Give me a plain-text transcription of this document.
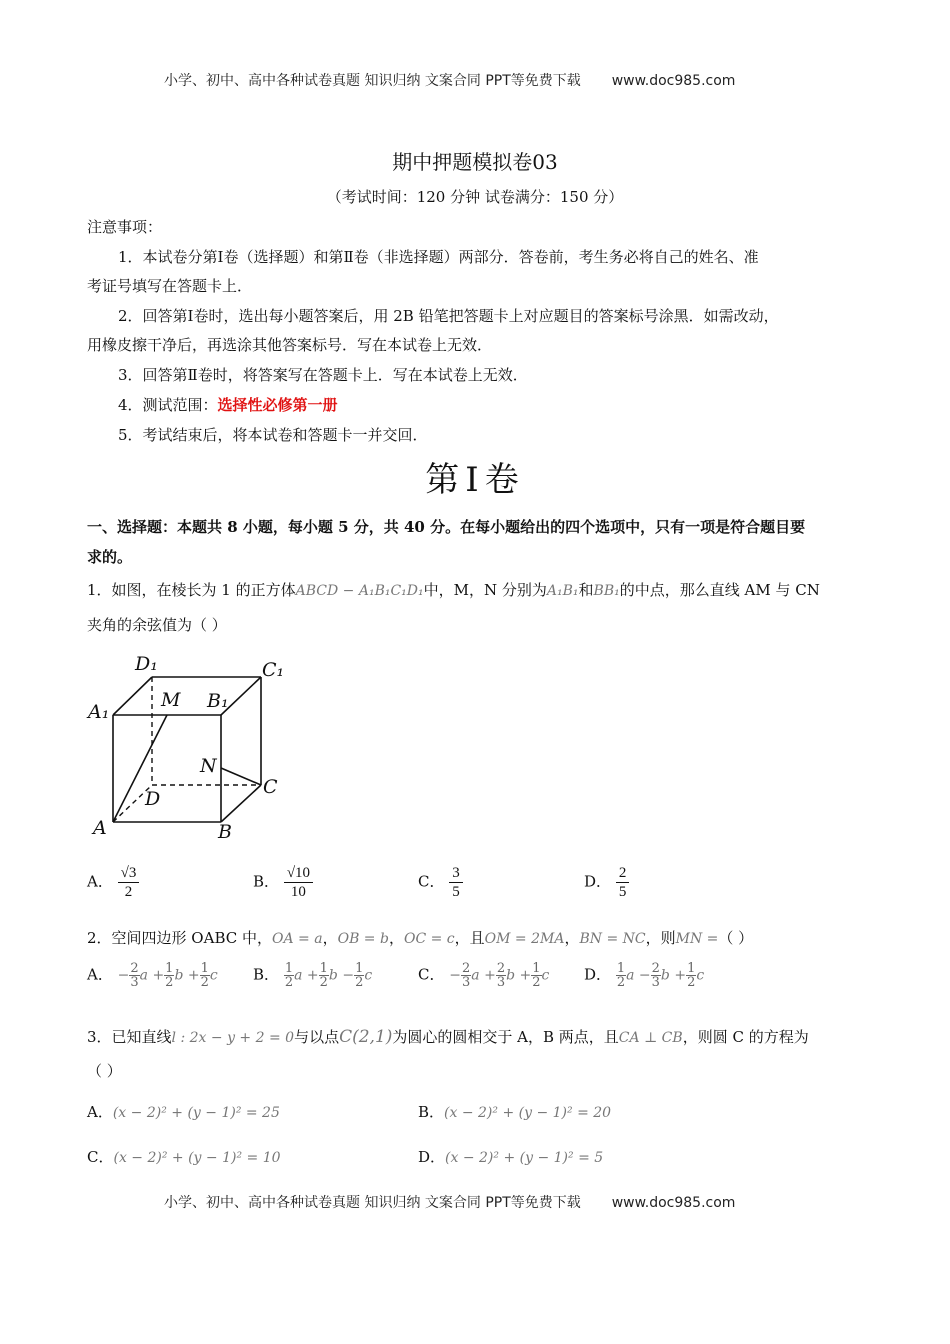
小学、初中、高中各种试卷真题 知识归纳 文案合同 PPT等免费下载 www.doc985.com
期中押题模拟卷03
（考试时间：120 分钟 试卷满分：150 分）
注意事项：
1．本试卷分第Ⅰ卷（选择题）和第Ⅱ卷（非选择题）两部分．答卷前，考生务必将自己的姓名、准
考证号填写在答题卡上．
2．回答第Ⅰ卷时，选出每小题答案后，用 2B 铅笔把答题卡上对应题目的答案标号涂黑．如需改动，
用橡皮擦干净后，再选涂其他答案标号．写在本试卷上无效．
3．回答第Ⅱ卷时，将答案写在答题卡上．写在本试卷上无效．
4．测试范围：选择性必修第一册
5．考试结束后，将本试卷和答题卡一并交回．
第Ⅰ卷
一、选择题：本题共 8 小题，每小题 5 分，共 40 分。在每小题给出的四个选项中，只有一项是符合题目要
求的。
1．如图，在棱长为 1 的正方体ABCD − A₁B₁C₁D₁中，M，N 分别为A₁B₁和BB₁的中点，那么直线 AM 与 CN
夹角的余弦值为（ ）
D₁	C₁
A₁	B₁
M
N
D
C
A	B
A． $\frac{√3}{2}$	B． $\frac{√10}{10}$	C． $\frac{3}{5}$	D． $\frac{2}{5}$
2．空间四边形 OABC 中，OA = a，OB = b，OC = c，且OM = 2MA，BN = NC，则MN =（ ）
A． − $\frac{2}{3}$ $a + \frac{1}{2}$ $b + \frac{1}{2}$ c B． $\frac{1}{2}$ $a + \frac{1}{2}$ $b - \frac{1}{2}$ c	C． − $\frac{2}{3}$ $a + \frac{2}{3}$ $b + \frac{1}{2}$ c D． $\frac{1}{2}$ $a - \frac{2}{3}$ $b + \frac{1}{2}$ c
3．已知直线l : 2x − y + 2 = 0与以点C(2,1)为圆心的圆相交于 A，B 两点，且CA ⊥ CB，则圆 C 的方程为
（ ）
A．(x − 2)² + (y − 1)² = 25	B．(x − 2)² + (y − 1)² = 20
C．(x − 2)² + (y − 1)² = 10	D．(x − 2)² + (y − 1)² = 5
小学、初中、高中各种试卷真题 知识归纳 文案合同 PPT等免费下载 www.doc985.com
